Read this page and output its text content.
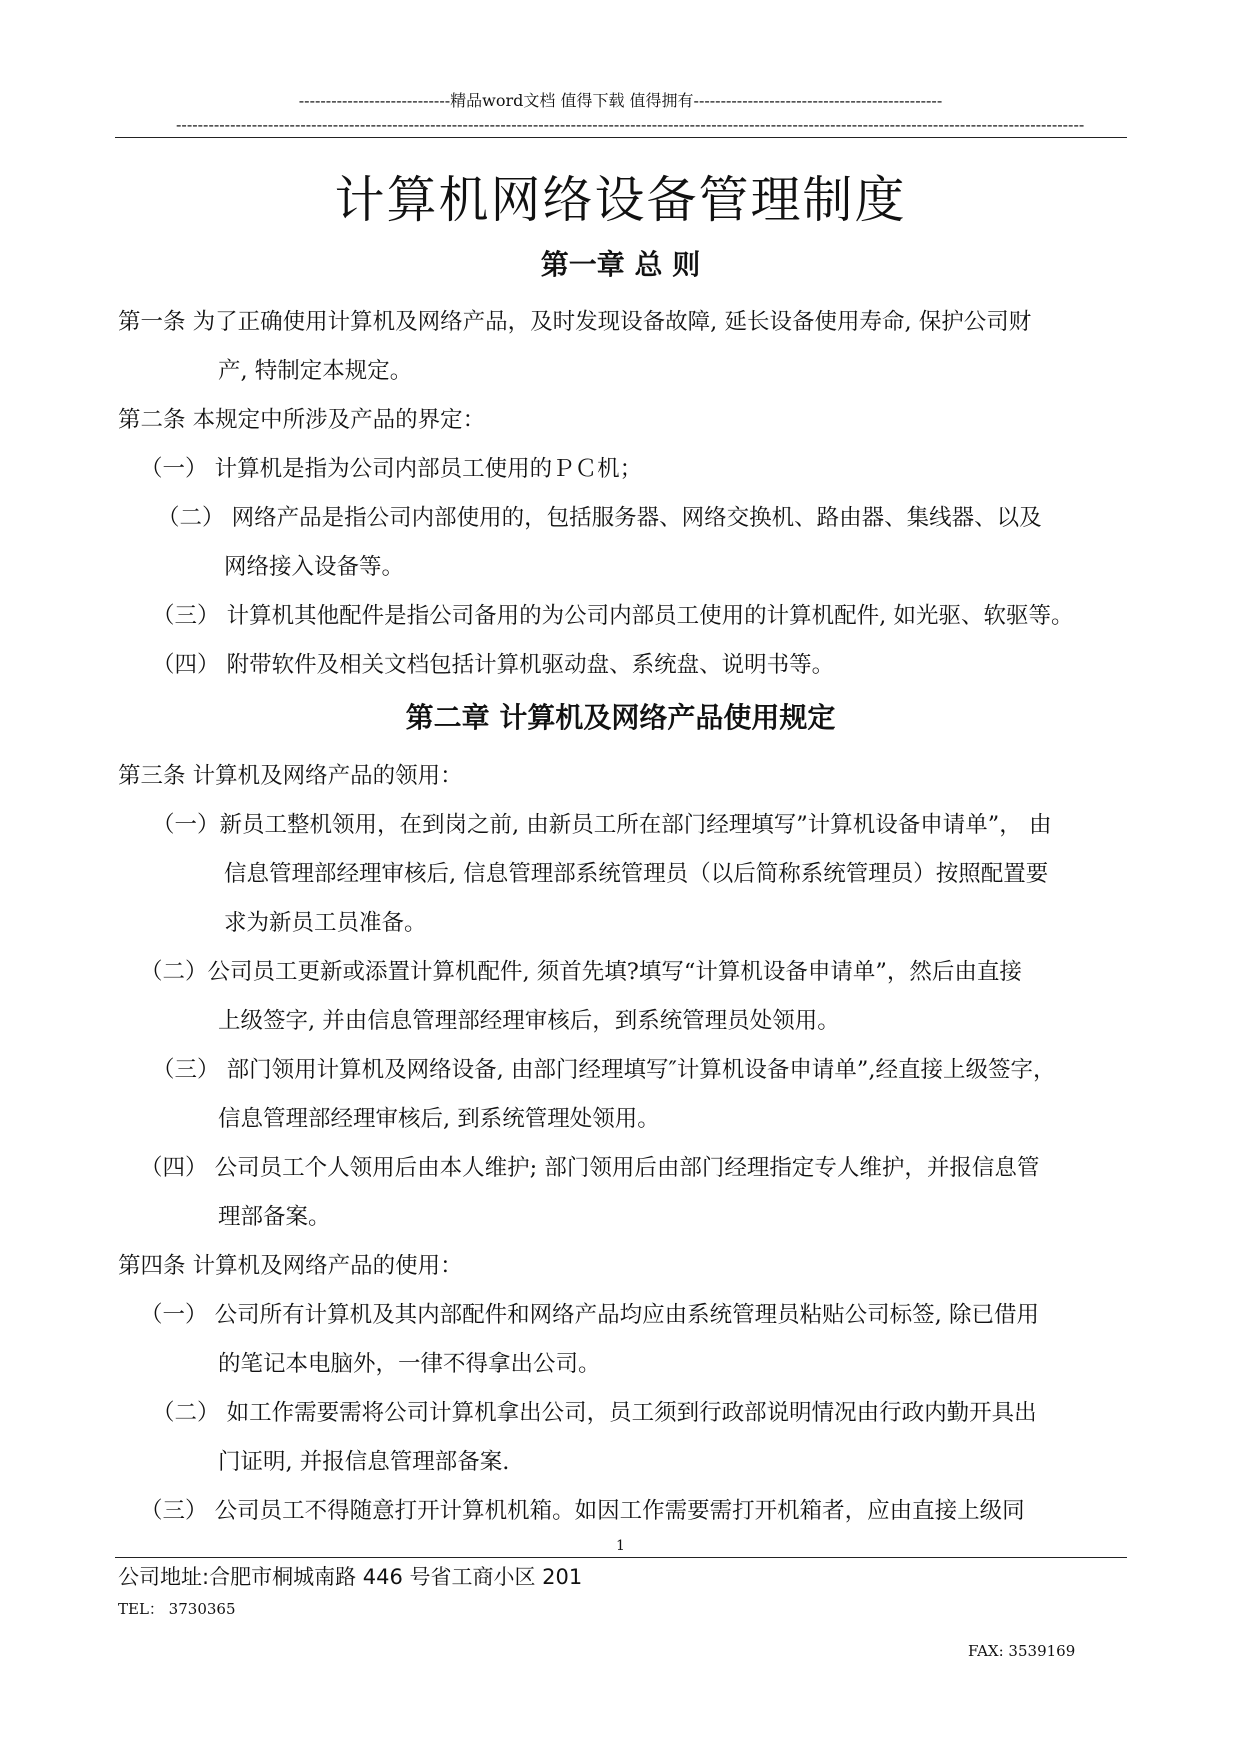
----------------------------精品word文档 值得下载 值得拥有----------------------------------------------
------------------------------------------------------------------------------------------------------------------------------------------------------------------------
计算机网络设备管理制度
第一章 总 则
第一条 为了正确使用计算机及网络产品，及时发现设备故障, 延长设备使用寿命, 保护公司财
产, 特制定本规定。
第二条 本规定中所涉及产品的界定：
（一） 计算机是指为公司内部员工使用的ＰＣ机；
（二） 网络产品是指公司内部使用的，包括服务器、网络交换机、路由器、集线器、以及
网络接入设备等。
（三） 计算机其他配件是指公司备用的为公司内部员工使用的计算机配件, 如光驱、软驱等。
（四） 附带软件及相关文档包括计算机驱动盘、系统盘、说明书等。
第二章 计算机及网络产品使用规定
第三条 计算机及网络产品的领用：
（一）新员工整机领用，在到岗之前, 由新员工所在部门经理填写”计算机设备申请单”， 由
信息管理部经理审核后, 信息管理部系统管理员（以后简称系统管理员）按照配置要
求为新员工员准备。
（二）公司员工更新或添置计算机配件, 须首先填?填写“计算机设备申请单”，然后由直接
上级签字, 并由信息管理部经理审核后，到系统管理员处领用。
（三） 部门领用计算机及网络设备, 由部门经理填写″计算机设备申请单”,经直接上级签字，
信息管理部经理审核后, 到系统管理处领用。
（四） 公司员工个人领用后由本人维护; 部门领用后由部门经理指定专人维护，并报信息管
理部备案。
第四条 计算机及网络产品的使用：
（一） 公司所有计算机及其内部配件和网络产品均应由系统管理员粘贴公司标签, 除已借用
的笔记本电脑外，一律不得拿出公司。
（二） 如工作需要需将公司计算机拿出公司，员工须到行政部说明情况由行政内勤开具出
门证明, 并报信息管理部备案.
（三） 公司员工不得随意打开计算机机箱。如因工作需要需打开机箱者，应由直接上级同
1
公司地址:合肥市桐城南路 446 号省工商小区 201
TEL： 3730365
FAX: 3539169
